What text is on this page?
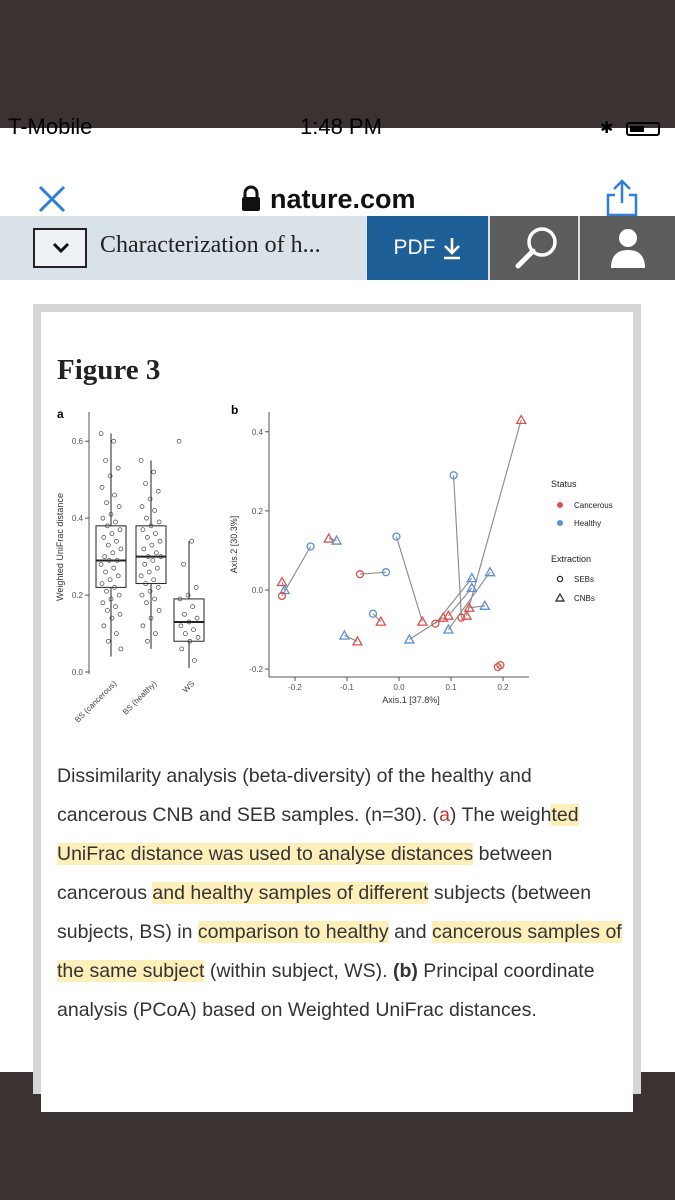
T-Mobile	1:48 PM	✱
nature.com
Characterization of h...	PDF
Figure 3
a
0.0
0.2
0.4
0.6
Weighted UniFrac distance
BS (cancerous) BS (healthy)	WS
b
-0.2
0.0
0.2
0.4
-0.2	-0.1	0.0	0.1	0.2
Axis.1 [37.8%]
Axis.2 [30.3%]
Status
Cancerous
Healthy
Extraction
SEBs
CNBs
Dissimilarity analysis (beta-diversity) of the healthy and cancerous CNB and SEB samples. (n=30). (a) The weighted UniFrac distance was used to analyse distances between cancerous and healthy samples of different subjects (between subjects, BS) in comparison to healthy and cancerous samples of the same subject (within subject, WS). (b) Principal coordinate analysis (PCoA) based on Weighted UniFrac distances.
